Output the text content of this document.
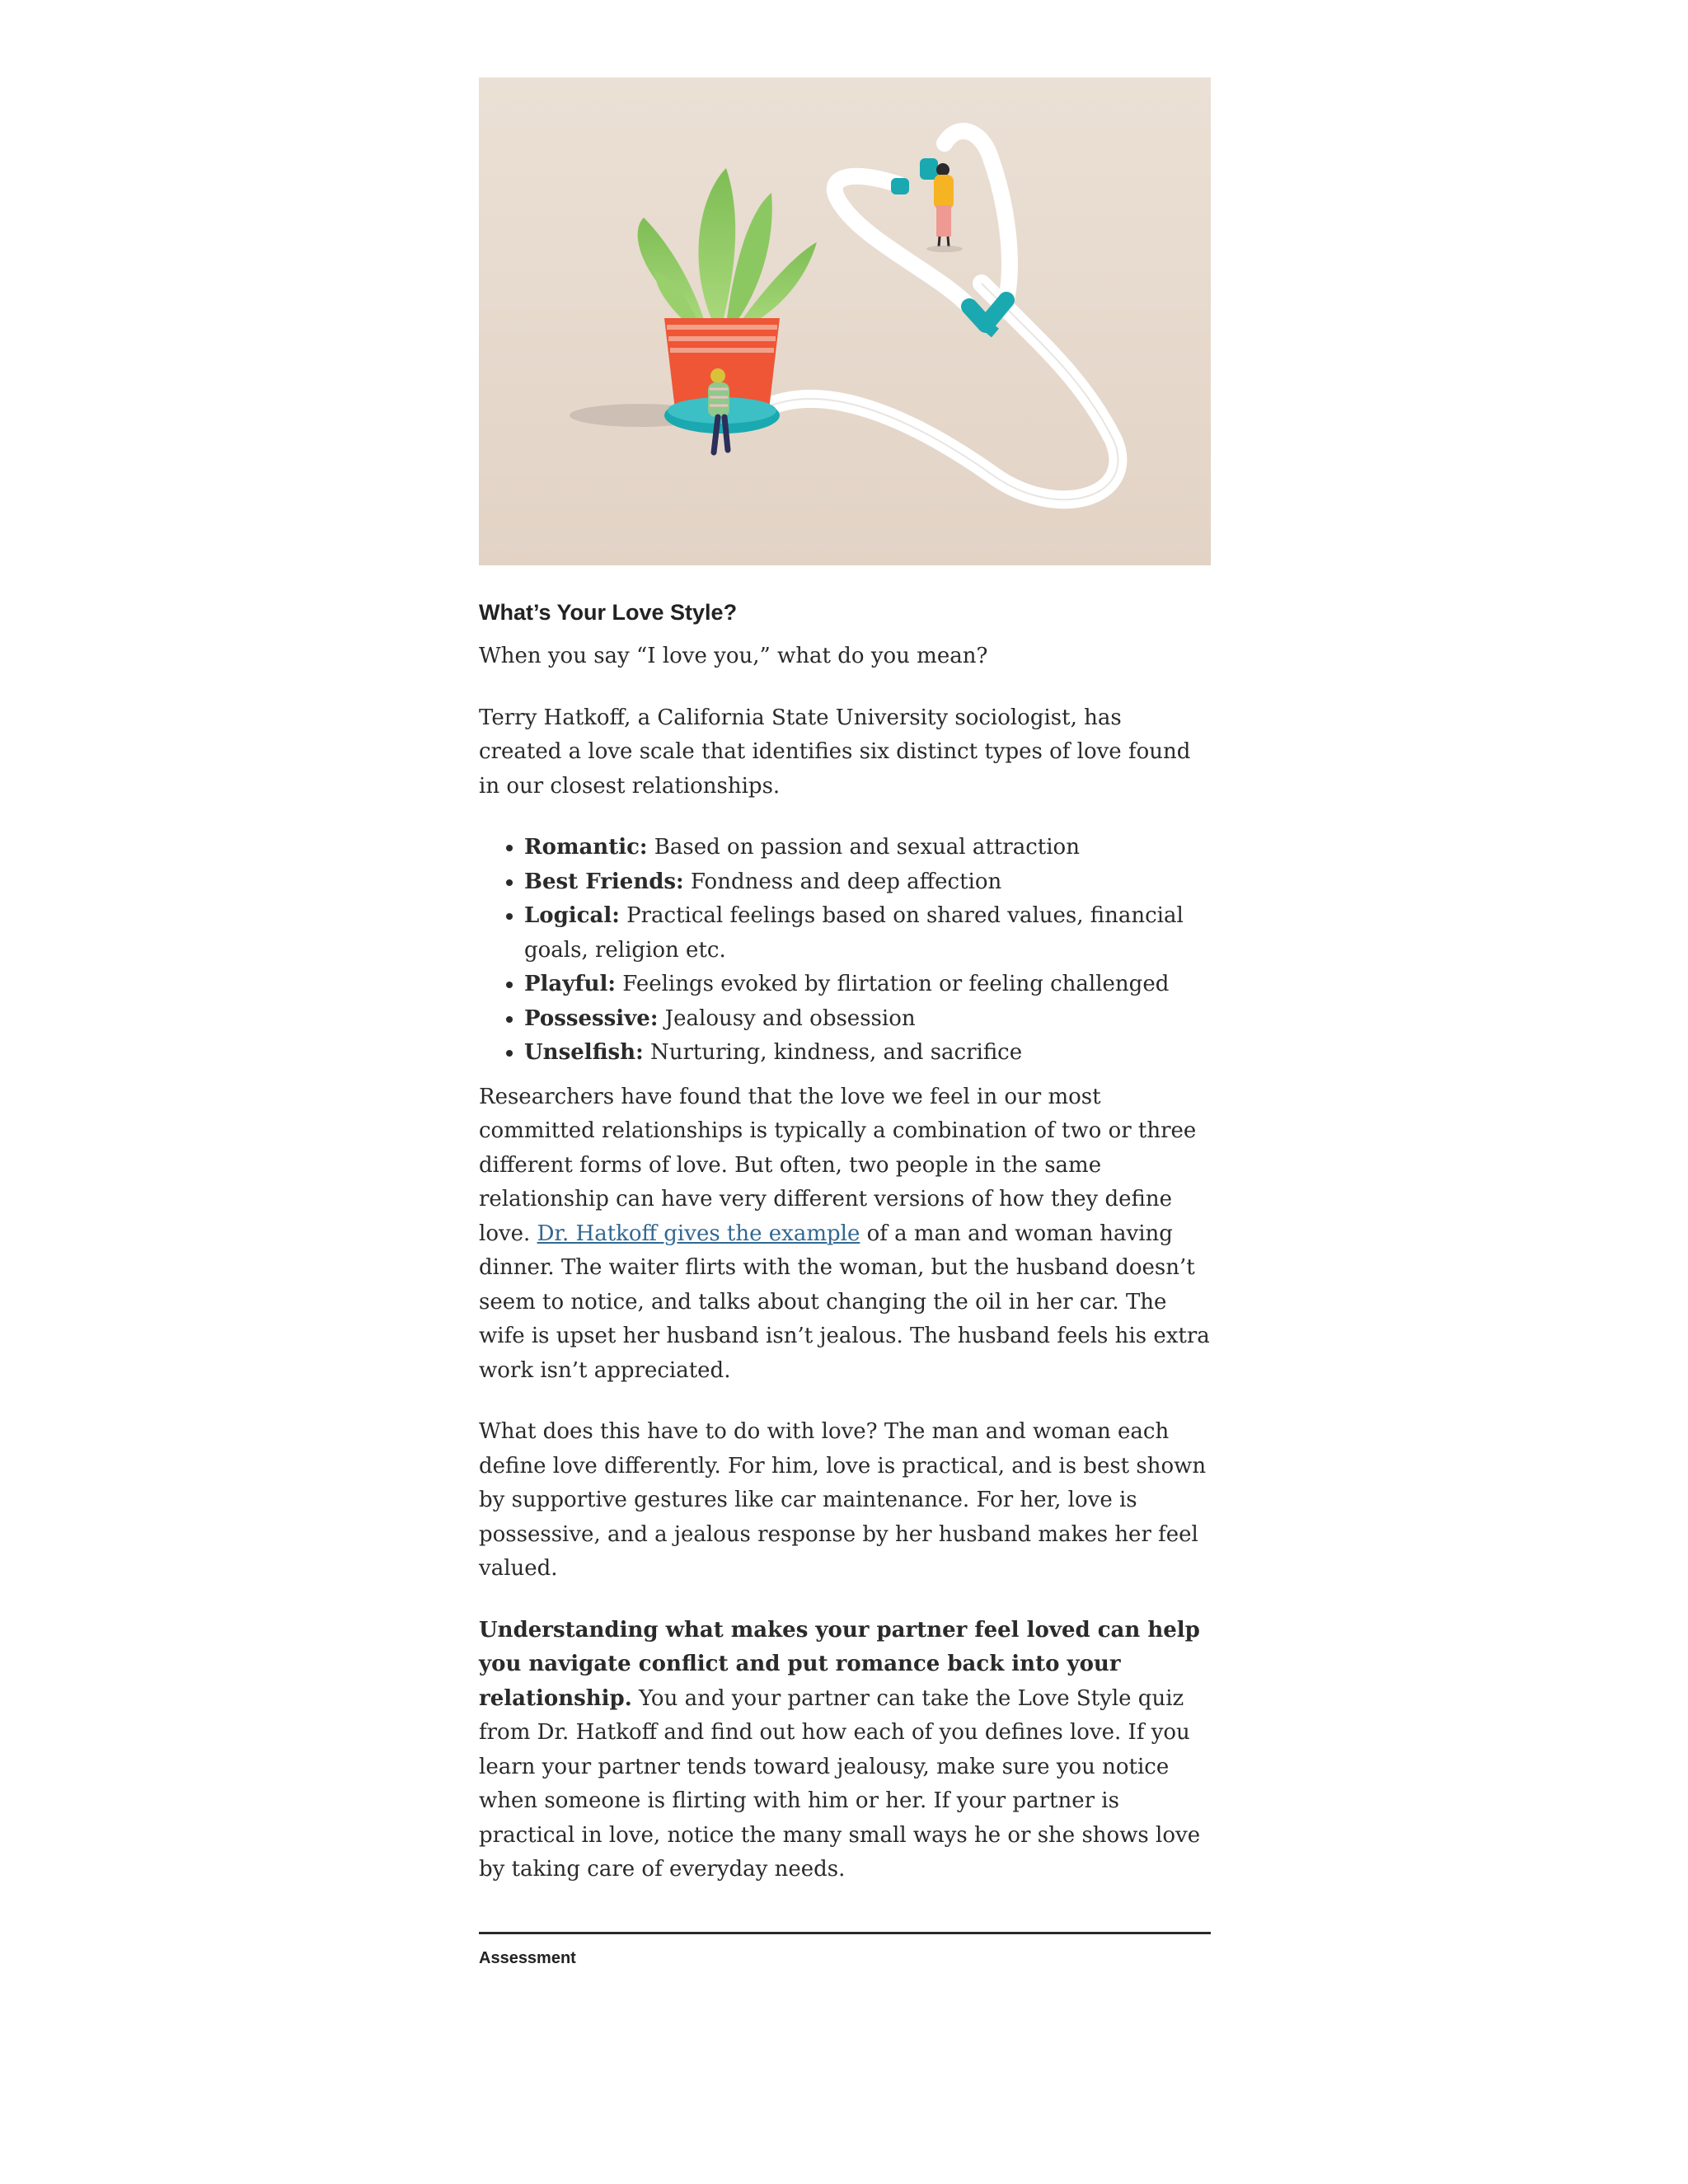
What’s Your Love Style?

When you say “I love you,” what do you mean?

Terry Hatkoff, a California State University sociologist, has created a love scale that identifies six distinct types of love found in our closest relationships.

• Romantic: Based on passion and sexual attraction
• Best Friends: Fondness and deep affection
• Logical: Practical feelings based on shared values, financial goals, religion etc.
• Playful: Feelings evoked by flirtation or feeling challenged
• Possessive: Jealousy and obsession
• Unselfish: Nurturing, kindness, and sacrifice

Researchers have found that the love we feel in our most committed relationships is typically a combination of two or three different forms of love. But often, two people in the same relationship can have very different versions of how they define love. Dr. Hatkoff gives the example of a man and woman having dinner. The waiter flirts with the woman, but the husband doesn’t seem to notice, and talks about changing the oil in her car. The wife is upset her husband isn’t jealous. The husband feels his extra work isn’t appreciated.

What does this have to do with love? The man and woman each define love differently. For him, love is practical, and is best shown by supportive gestures like car maintenance. For her, love is possessive, and a jealous response by her husband makes her feel valued.

Understanding what makes your partner feel loved can help you navigate conflict and put romance back into your relationship. You and your partner can take the Love Style quiz from Dr. Hatkoff and find out how each of you defines love. If you learn your partner tends toward jealousy, make sure you notice when someone is flirting with him or her. If your partner is practical in love, notice the many small ways he or she shows love by taking care of everyday needs.

Assessment
